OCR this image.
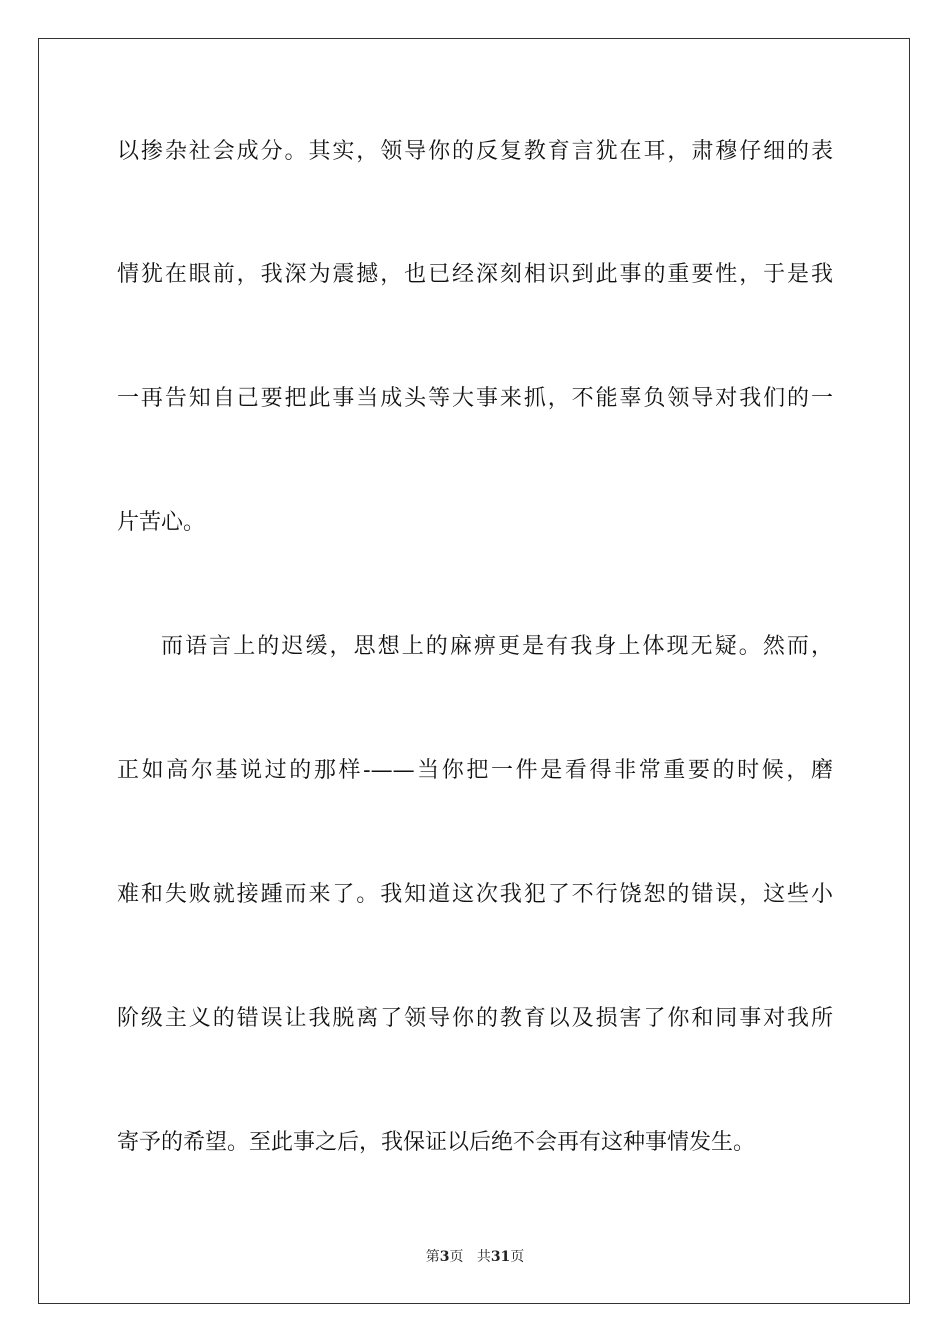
以掺杂社会成分。其实，领导你的反复教育言犹在耳，肃穆仔细的表
情犹在眼前，我深为震撼，也已经深刻相识到此事的重要性，于是我
一再告知自己要把此事当成头等大事来抓，不能辜负领导对我们的一
片苦心。
而语言上的迟缓，思想上的麻痹更是有我身上体现无疑。然而，
正如高尔基说过的那样-——当你把一件是看得非常重要的时候，磨
难和失败就接踵而来了。我知道这次我犯了不行饶恕的错误，这些小
阶级主义的错误让我脱离了领导你的教育以及损害了你和同事对我所
寄予的希望。至此事之后，我保证以后绝不会再有这种事情发生。
第3页 共31页
